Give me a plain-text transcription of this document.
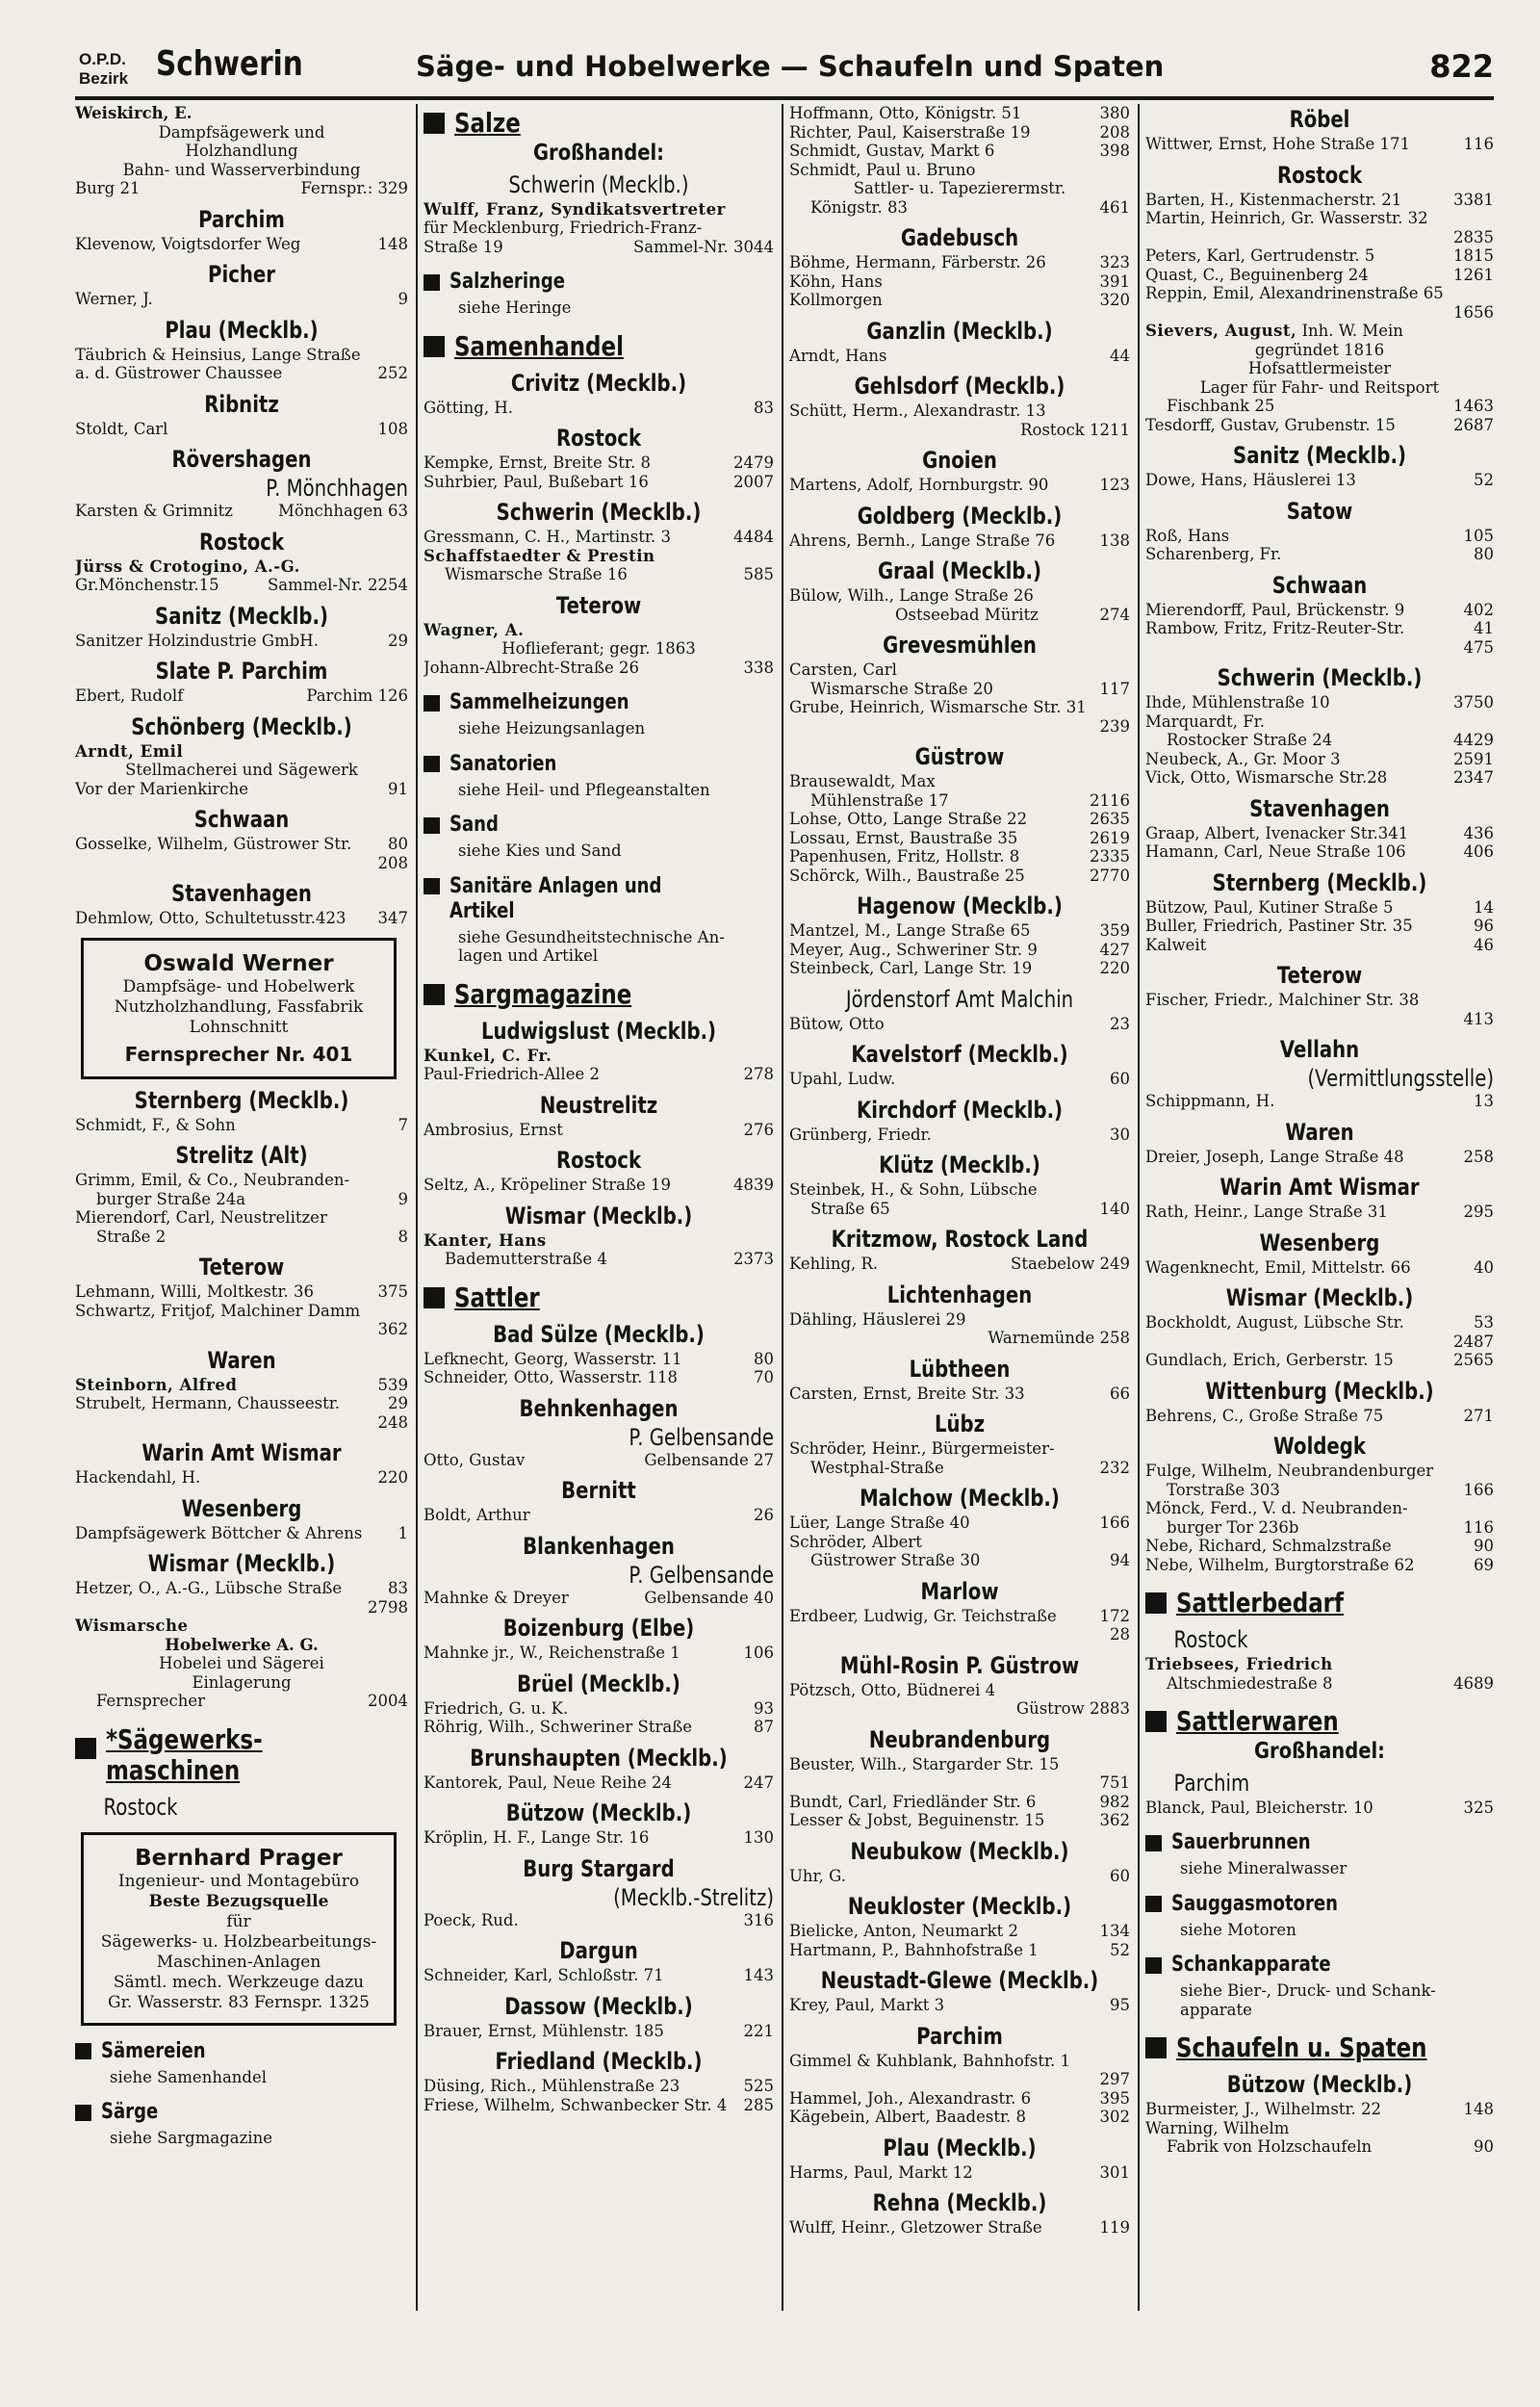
O.P.D.
Bezirk Schwerin	Säge- und Hobelwerke — Schaufeln und Spaten	822
Weiskirch, E.
Dampfsägewerk und
Holzhandlung
Bahn- und Wasserverbindung
Burg 21	Fernspr.: 329
Parchim
Klevenow, Voigtsdorfer Weg	148
Picher
Werner, J.	9
Plau (Mecklb.)
Täubrich & Heinsius, Lange Straße
a. d. Güstrower Chaussee	252
Ribnitz
Stoldt, Carl	108
Rövershagen
P. Mönchhagen
Karsten & Grimnitz	Mönchhagen 63
Rostock
Jürss & Crotogino, A.-G.
Gr.Mönchenstr.15	Sammel-Nr. 2254
Sanitz (Mecklb.)
Sanitzer Holzindustrie GmbH.	29
Slate P. Parchim
Ebert, Rudolf	Parchim 126
Schönberg (Mecklb.)
Arndt, Emil
Stellmacherei und Sägewerk
Vor der Marienkirche	91
Schwaan
Gosselke, Wilhelm, Güstrower Str. 80
208
Stavenhagen
Dehmlow, Otto, Schultetusstr.423 347
Oswald Werner
Dampfsäge- und Hobelwerk
Nutzholzhandlung, Fassfabrik
Lohnschnitt
Fernsprecher Nr. 401
Sternberg (Mecklb.)
Schmidt, F., & Sohn	7
Strelitz (Alt)
Grimm, Emil, & Co., Neubranden-
burger Straße 24a	9
Mierendorf, Carl, Neustrelitzer
Straße 2	8
Teterow
Lehmann, Willi, Moltkestr. 36	375
Schwartz, Fritjof, Malchiner Damm
362
Waren
Steinborn, Alfred	539
Strubelt, Hermann, Chausseestr.	29
248
Warin Amt Wismar
Hackendahl, H.	220
Wesenberg
Dampfsägewerk Böttcher & Ahrens 1
Wismar (Mecklb.)
Hetzer, O., A.-G., Lübsche Straße	83
2798
Wismarsche
Hobelwerke A. G.
Hobelei und Sägerei
Einlagerung
Fernsprecher	2004
*Sägewerks-
maschinen
Rostock
Bernhard Prager
Ingenieur- und Montagebüro
Beste Bezugsquelle
für
Sägewerks- u. Holzbearbeitungs-
Maschinen-Anlagen
Sämtl. mech. Werkzeuge dazu
Gr. Wasserstr. 83 Fernspr. 1325
Sämereien
siehe Samenhandel
Särge
siehe Sargmagazine
Salze
Großhandel:
Schwerin (Mecklb.)
Wulff, Franz, Syndikatsvertreter
für Mecklenburg, Friedrich-Franz-
Straße 19	Sammel-Nr. 3044
Salzheringe
siehe Heringe
Samenhandel
Crivitz (Mecklb.)
Götting, H.	83
Rostock
Kempke, Ernst, Breite Str. 8	2479
Suhrbier, Paul, Bußebart 16	2007
Schwerin (Mecklb.)
Gressmann, C. H., Martinstr. 3	4484
Schaffstaedter & Prestin
Wismarsche Straße 16	585
Teterow
Wagner, A.
Hoflieferant; gegr. 1863
Johann-Albrecht-Straße 26	338
Sammelheizungen
siehe Heizungsanlagen
Sanatorien
siehe Heil- und Pflegeanstalten
Sand
siehe Kies und Sand
Sanitäre Anlagen und
Artikel
siehe Gesundheitstechnische An-
lagen und Artikel
Sargmagazine
Ludwigslust (Mecklb.)
Kunkel, C. Fr.
Paul-Friedrich-Allee 2	278
Neustrelitz
Ambrosius, Ernst	276
Rostock
Seltz, A., Kröpeliner Straße 19	4839
Wismar (Mecklb.)
Kanter, Hans
Bademutterstraße 4	2373
Sattler
Bad Sülze (Mecklb.)
Lefknecht, Georg, Wasserstr. 11	80
Schneider, Otto, Wasserstr. 118	70
Behnkenhagen
P. Gelbensande
Otto, Gustav	Gelbensande 27
Bernitt
Boldt, Arthur	26
Blankenhagen
P. Gelbensande
Mahnke & Dreyer	Gelbensande 40
Boizenburg (Elbe)
Mahnke jr., W., Reichenstraße 1	106
Brüel (Mecklb.)
Friedrich, G. u. K.	93
Röhrig, Wilh., Schweriner Straße	87
Brunshaupten (Mecklb.)
Kantorek, Paul, Neue Reihe 24	247
Bützow (Mecklb.)
Kröplin, H. F., Lange Str. 16	130
Burg Stargard
(Mecklb.-Strelitz)
Poeck, Rud.	316
Dargun
Schneider, Karl, Schloßstr. 71	143
Dassow (Mecklb.)
Brauer, Ernst, Mühlenstr. 185	221
Friedland (Mecklb.)
Düsing, Rich., Mühlenstraße 23	525
Friese, Wilhelm, Schwanbecker Str. 4 285
Hoffmann, Otto, Königstr. 51	380
Richter, Paul, Kaiserstraße 19	208
Schmidt, Gustav, Markt 6	398
Schmidt, Paul u. Bruno
Sattler- u. Tapezierermstr.
Königstr. 83	461
Gadebusch
Böhme, Hermann, Färberstr. 26	323
Köhn, Hans	391
Kollmorgen	320
Ganzlin (Mecklb.)
Arndt, Hans	44
Gehlsdorf (Mecklb.)
Schütt, Herm., Alexandrastr. 13
Rostock 1211
Gnoien
Martens, Adolf, Hornburgstr. 90	123
Goldberg (Mecklb.)
Ahrens, Bernh., Lange Straße 76	138
Graal (Mecklb.)
Bülow, Wilh., Lange Straße 26
Ostseebad Müritz	274
Grevesmühlen
Carsten, Carl
Wismarsche Straße 20	117
Grube, Heinrich, Wismarsche Str. 31
239
Güstrow
Brausewaldt, Max
Mühlenstraße 17	2116
Lohse, Otto, Lange Straße 22	2635
Lossau, Ernst, Baustraße 35	2619
Papenhusen, Fritz, Hollstr. 8	2335
Schörck, Wilh., Baustraße 25	2770
Hagenow (Mecklb.)
Mantzel, M., Lange Straße 65	359
Meyer, Aug., Schweriner Str. 9	427
Steinbeck, Carl, Lange Str. 19	220
Jördenstorf Amt Malchin
Bütow, Otto	23
Kavelstorf (Mecklb.)
Upahl, Ludw.	60
Kirchdorf (Mecklb.)
Grünberg, Friedr.	30
Klütz (Mecklb.)
Steinbek, H., & Sohn, Lübsche
Straße 65	140
Kritzmow, Rostock Land
Kehling, R.	Staebelow 249
Lichtenhagen
Dähling, Häuslerei 29
Warnemünde 258
Lübtheen
Carsten, Ernst, Breite Str. 33	66
Lübz
Schröder, Heinr., Bürgermeister-
Westphal-Straße	232
Malchow (Mecklb.)
Lüer, Lange Straße 40	166
Schröder, Albert
Güstrower Straße 30	94
Marlow
Erdbeer, Ludwig, Gr. Teichstraße	172
28
Mühl-Rosin P. Güstrow
Pötzsch, Otto, Büdnerei 4
Güstrow 2883
Neubrandenburg
Beuster, Wilh., Stargarder Str. 15
751
Bundt, Carl, Friedländer Str. 6	982
Lesser & Jobst, Beguinenstr. 15	362
Neubukow (Mecklb.)
Uhr, G.	60
Neukloster (Mecklb.)
Bielicke, Anton, Neumarkt 2	134
Hartmann, P., Bahnhofstraße 1	52
Neustadt-Glewe (Mecklb.)
Krey, Paul, Markt 3	95
Parchim
Gimmel & Kuhblank, Bahnhofstr. 1
297
Hammel, Joh., Alexandrastr. 6	395
Kägebein, Albert, Baadestr. 8	302
Plau (Mecklb.)
Harms, Paul, Markt 12	301
Rehna (Mecklb.)
Wulff, Heinr., Gletzower Straße	119
Röbel
Wittwer, Ernst, Hohe Straße 171	116
Rostock
Barten, H., Kistenmacherstr. 21	3381
Martin, Heinrich, Gr. Wasserstr. 32
2835
Peters, Karl, Gertrudenstr. 5	1815
Quast, C., Beguinenberg 24	1261
Reppin, Emil, Alexandrinenstraße 65
1656
Sievers, August, Inh. W. Mein
gegründet 1816
Hofsattlermeister
Lager für Fahr- und Reitsport
Fischbank 25	1463
Tesdorff, Gustav, Grubenstr. 15	2687
Sanitz (Mecklb.)
Dowe, Hans, Häuslerei 13	52
Satow
Roß, Hans	105
Scharenberg, Fr.	80
Schwaan
Mierendorff, Paul, Brückenstr. 9	402
Rambow, Fritz, Fritz-Reuter-Str.	41
475
Schwerin (Mecklb.)
Ihde, Mühlenstraße 10	3750
Marquardt, Fr.
Rostocker Straße 24	4429
Neubeck, A., Gr. Moor 3	2591
Vick, Otto, Wismarsche Str.28	2347
Stavenhagen
Graap, Albert, Ivenacker Str.341	436
Hamann, Carl, Neue Straße 106	406
Sternberg (Mecklb.)
Bützow, Paul, Kutiner Straße 5	14
Buller, Friedrich, Pastiner Str. 35	96
Kalweit	46
Teterow
Fischer, Friedr., Malchiner Str. 38
413
Vellahn
(Vermittlungsstelle)
Schippmann, H.	13
Waren
Dreier, Joseph, Lange Straße 48	258
Warin Amt Wismar
Rath, Heinr., Lange Straße 31	295
Wesenberg
Wagenknecht, Emil, Mittelstr. 66	40
Wismar (Mecklb.)
Bockholdt, August, Lübsche Str.	53
2487
Gundlach, Erich, Gerberstr. 15	2565
Wittenburg (Mecklb.)
Behrens, C., Große Straße 75	271
Woldegk
Fulge, Wilhelm, Neubrandenburger
Torstraße 303	166
Mönck, Ferd., V. d. Neubranden-
burger Tor 236b	116
Nebe, Richard, Schmalzstraße	90
Nebe, Wilhelm, Burgtorstraße 62	69
Sattlerbedarf
Rostock
Triebsees, Friedrich
Altschmiedestraße 8	4689
Sattlerwaren
Großhandel:
Parchim
Blanck, Paul, Bleicherstr. 10	325
Sauerbrunnen
siehe Mineralwasser
Sauggasmotoren
siehe Motoren
Schankapparate
siehe Bier-, Druck- und Schank-
apparate
Schaufeln u. Spaten
Bützow (Mecklb.)
Burmeister, J., Wilhelmstr. 22	148
Warning, Wilhelm
Fabrik von Holzschaufeln	90
